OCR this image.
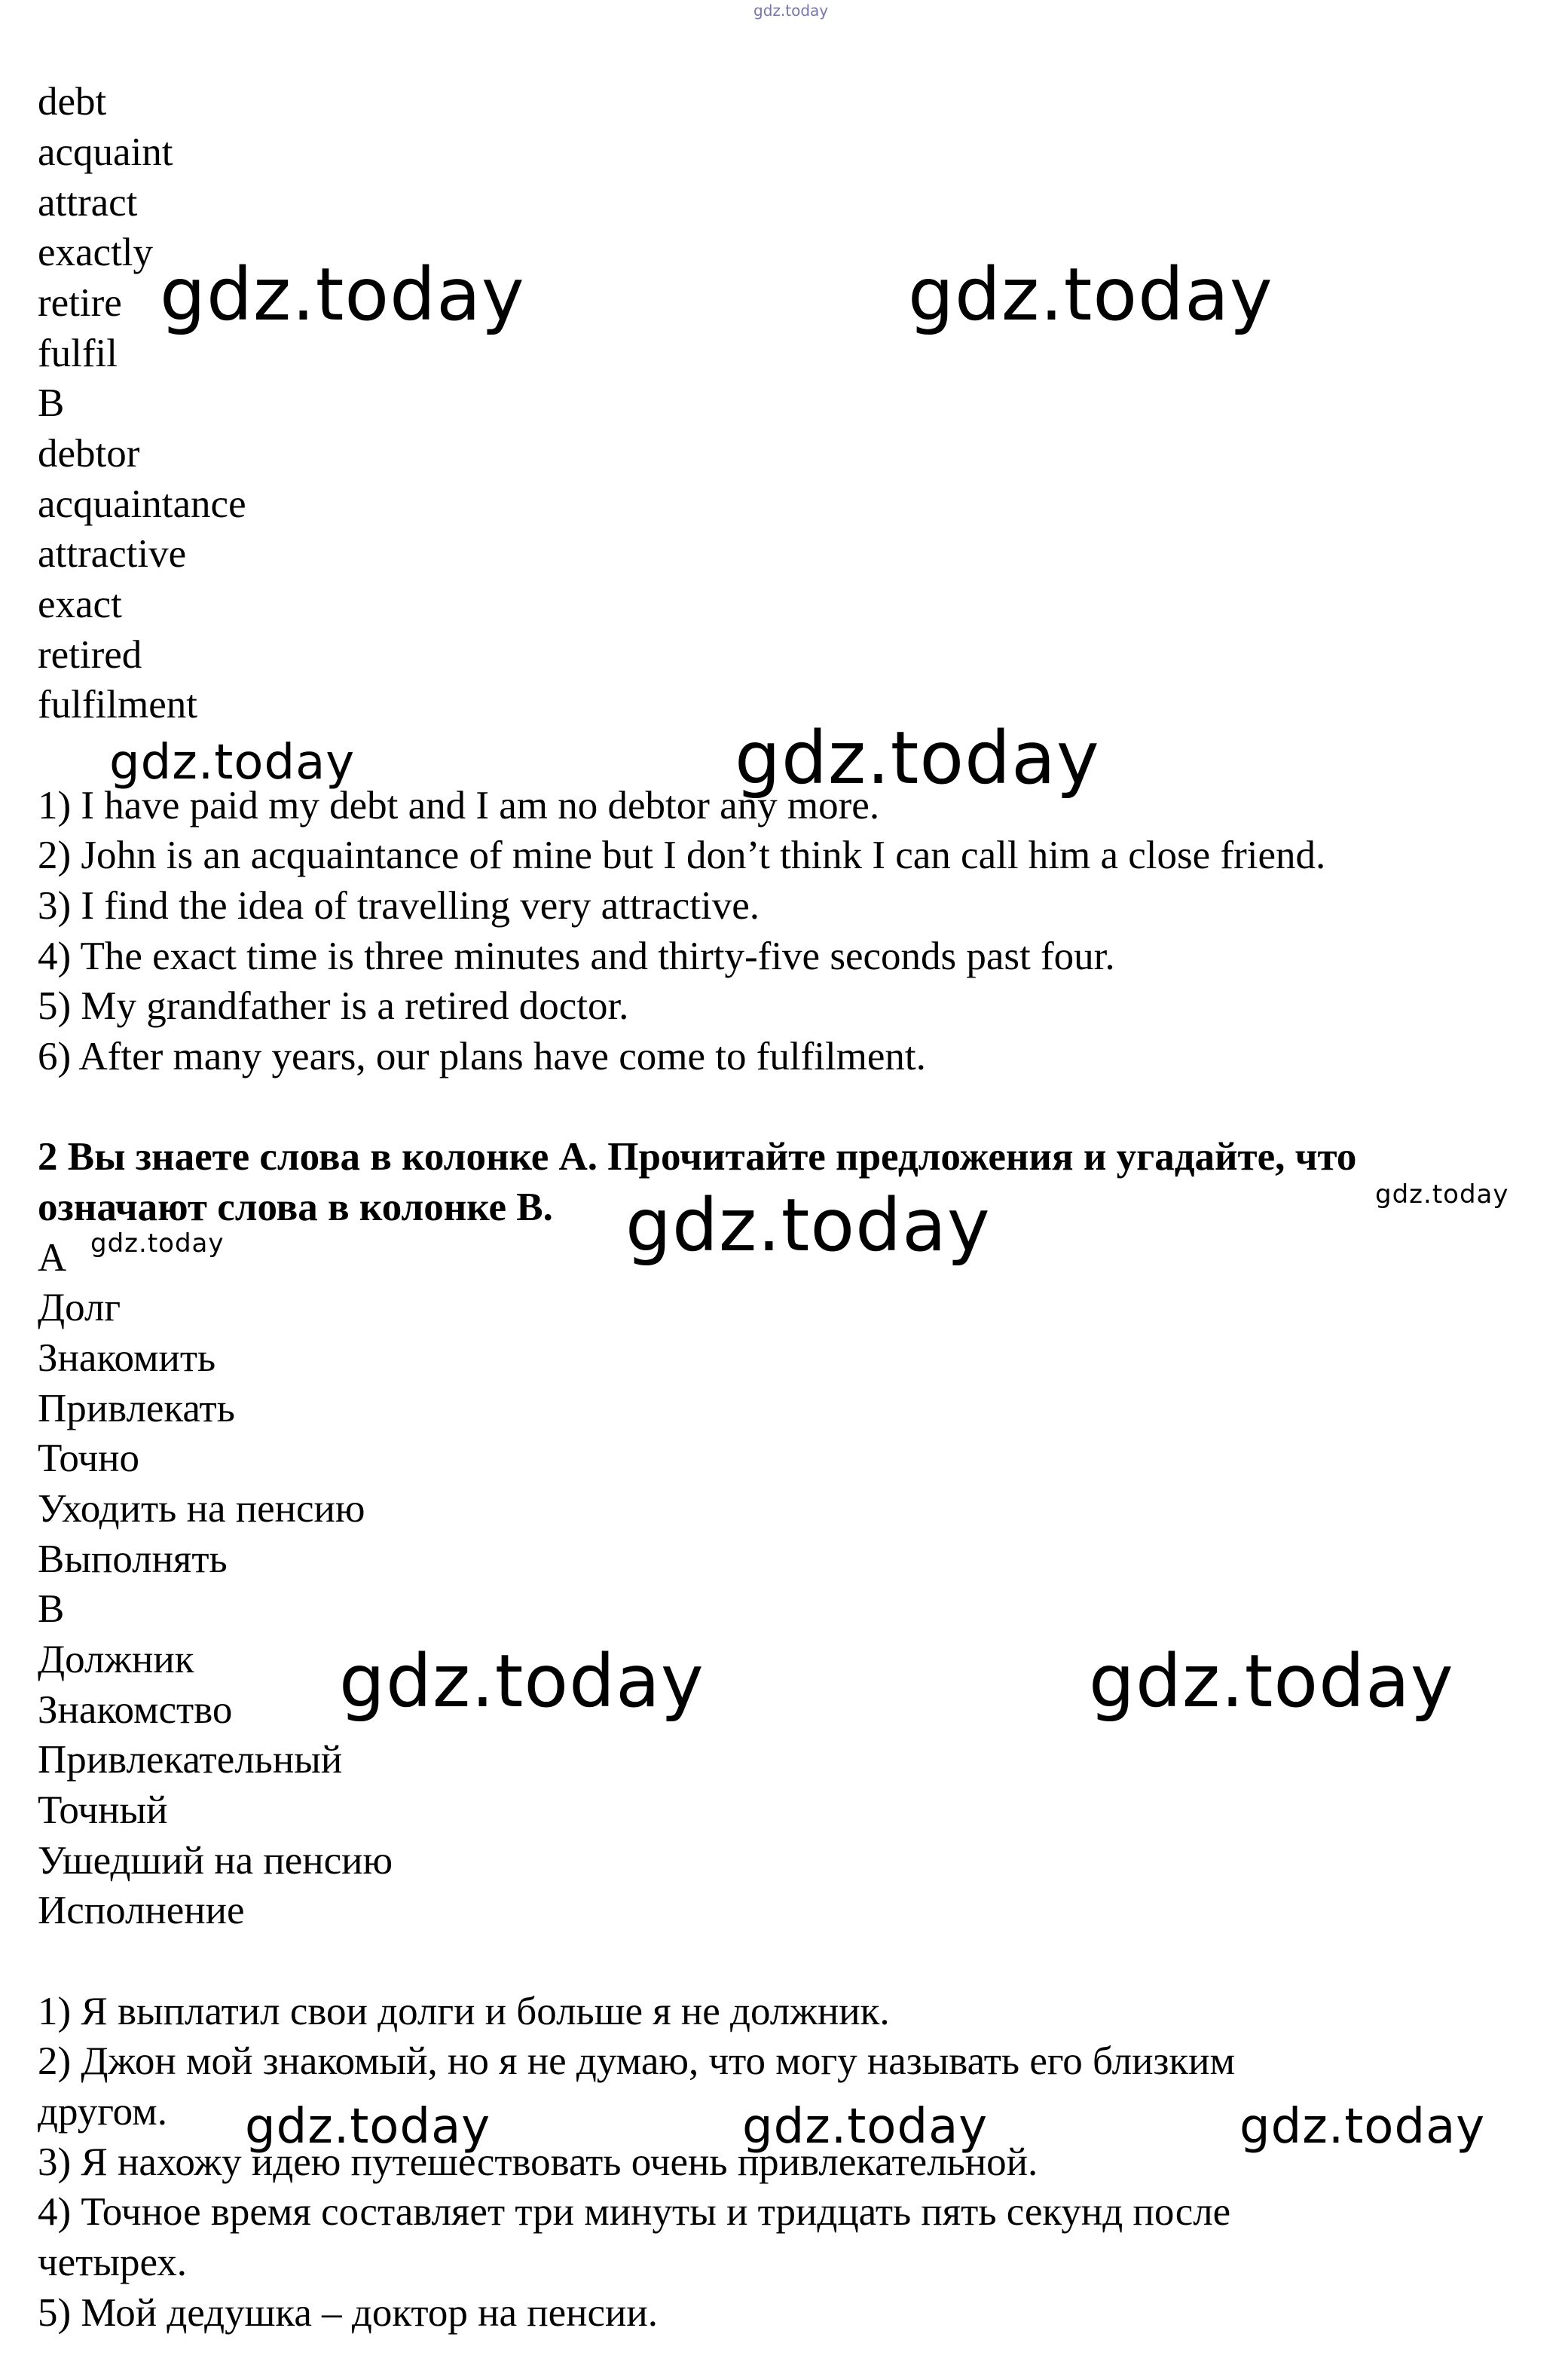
gdz.today
debt
acquaint
attract
exactly
retire
fulfil
B
debtor
acquaintance
attractive
exact
retired
fulfilment
1) I have paid my debt and I am no debtor any more.
2) John is an acquaintance of mine but I don’t think I can call him a close friend.
3) I find the idea of travelling very attractive.
4) The exact time is three minutes and thirty-five seconds past four.
5) My grandfather is a retired doctor.
6) After many years, our plans have come to fulfilment.
2 Вы знаете слова в колонке А. Прочитайте предложения и угадайте, что
означают слова в колонке В.
А
Долг
Знакомить
Привлекать
Точно
Уходить на пенсию
Выполнять
В
Должник
Знакомство
Привлекательный
Точный
Ушедший на пенсию
Исполнение
1) Я выплатил свои долги и больше я не должник.
2) Джон мой знакомый, но я не думаю, что могу называть его близким
другом.
3) Я нахожу идею путешествовать очень привлекательной.
4) Точное время составляет три минуты и тридцать пять секунд после
четырех.
5) Мой дедушка – доктор на пенсии.
gdz.today	gdz.today
gdz.today	gdz.today
gdz.today
gdz.today
gdz.today
gdz.today	gdz.today
gdz.today	gdz.today	gdz.today
